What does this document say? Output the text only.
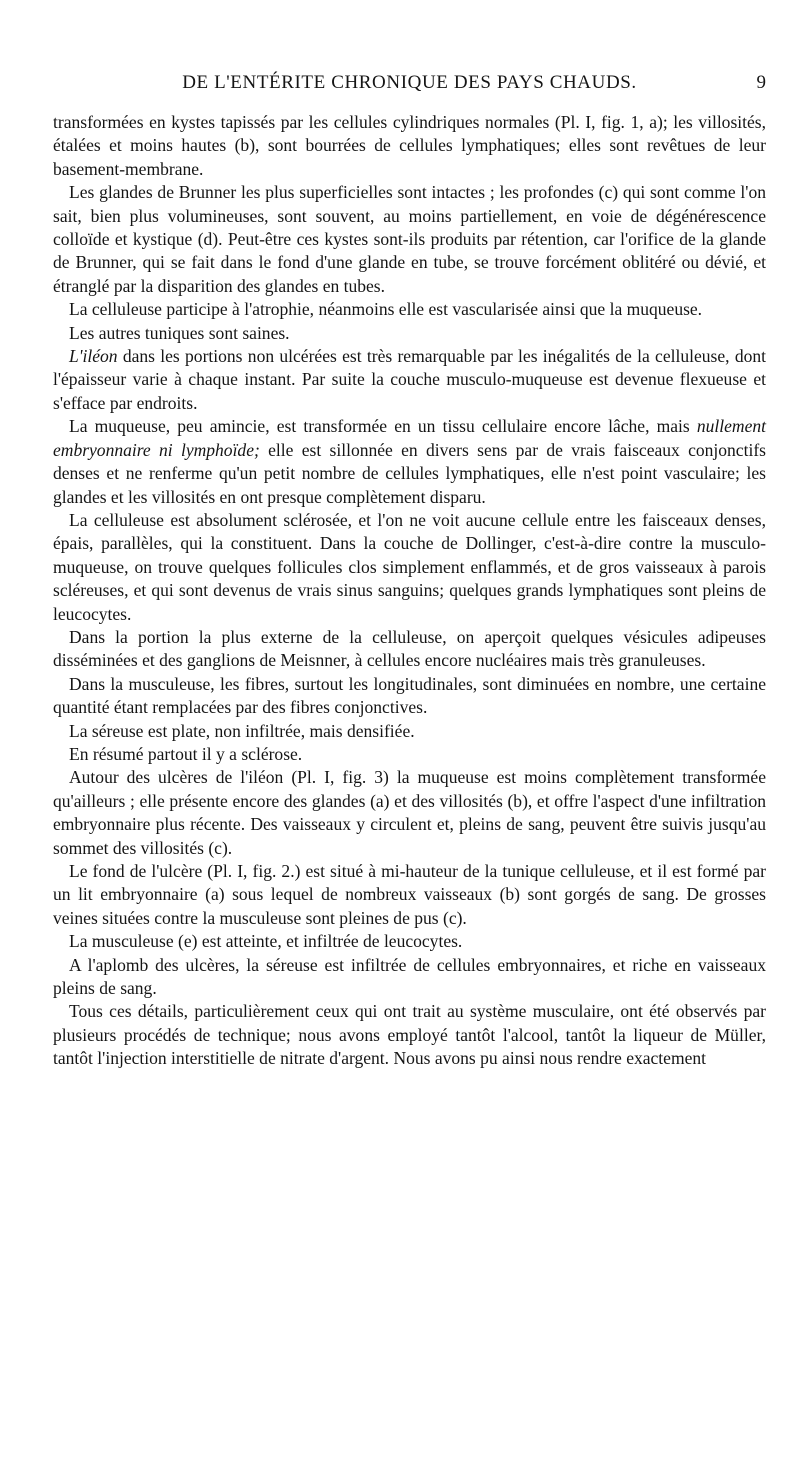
DE L'ENTÉRITE CHRONIQUE DES PAYS CHAUDS.	9

transformées en kystes tapissés par les cellules cylindriques normales (Pl. I, fig. 1, a); les villosités, étalées et moins hautes (b), sont bourrées de cellules lymphatiques; elles sont revêtues de leur basement-membrane.

Les glandes de Brunner les plus superficielles sont intactes ; les profondes (c) qui sont comme l'on sait, bien plus volumineuses, sont souvent, au moins partiellement, en voie de dégénérescence colloïde et kystique (d). Peut-être ces kystes sont-ils produits par rétention, car l'orifice de la glande de Brunner, qui se fait dans le fond d'une glande en tube, se trouve forcément oblitéré ou dévié, et étranglé par la disparition des glandes en tubes.

La celluleuse participe à l'atrophie, néanmoins elle est vascularisée ainsi que la muqueuse.

Les autres tuniques sont saines.

L'iléon dans les portions non ulcérées est très remarquable par les inégalités de la celluleuse, dont l'épaisseur varie à chaque instant. Par suite la couche musculo-muqueuse est devenue flexueuse et s'efface par endroits.

La muqueuse, peu amincie, est transformée en un tissu cellulaire encore lâche, mais nullement embryonnaire ni lymphoïde; elle est sillonnée en divers sens par de vrais faisceaux conjonctifs denses et ne renferme qu'un petit nombre de cellules lymphatiques, elle n'est point vasculaire; les glandes et les villosités en ont presque complètement disparu.

La celluleuse est absolument sclérosée, et l'on ne voit aucune cellule entre les faisceaux denses, épais, parallèles, qui la constituent. Dans la couche de Dollinger, c'est-à-dire contre la musculo-muqueuse, on trouve quelques follicules clos simplement enflammés, et de gros vaisseaux à parois scléreuses, et qui sont devenus de vrais sinus sanguins; quelques grands lymphatiques sont pleins de leucocytes.

Dans la portion la plus externe de la celluleuse, on aperçoit quelques vésicules adipeuses disséminées et des ganglions de Meisnner, à cellules encore nucléaires mais très granuleuses.

Dans la musculeuse, les fibres, surtout les longitudinales, sont diminuées en nombre, une certaine quantité étant remplacées par des fibres conjonctives.

La séreuse est plate, non infiltrée, mais densifiée.

En résumé partout il y a sclérose.

Autour des ulcères de l'iléon (Pl. I, fig. 3) la muqueuse est moins complètement transformée qu'ailleurs ; elle présente encore des glandes (a) et des villosités (b), et offre l'aspect d'une infiltration embryonnaire plus récente. Des vaisseaux y circulent et, pleins de sang, peuvent être suivis jusqu'au sommet des villosités (c).

Le fond de l'ulcère (Pl. I, fig. 2.) est situé à mi-hauteur de la tunique celluleuse, et il est formé par un lit embryonnaire (a) sous lequel de nombreux vaisseaux (b) sont gorgés de sang. De grosses veines situées contre la musculeuse sont pleines de pus (c).

La musculeuse (e) est atteinte, et infiltrée de leucocytes.

A l'aplomb des ulcères, la séreuse est infiltrée de cellules embryonnaires, et riche en vaisseaux pleins de sang.

Tous ces détails, particulièrement ceux qui ont trait au système musculaire, ont été observés par plusieurs procédés de technique; nous avons employé tantôt l'alcool, tantôt la liqueur de Müller, tantôt l'injection interstitielle de nitrate d'argent. Nous avons pu ainsi nous rendre exactement
